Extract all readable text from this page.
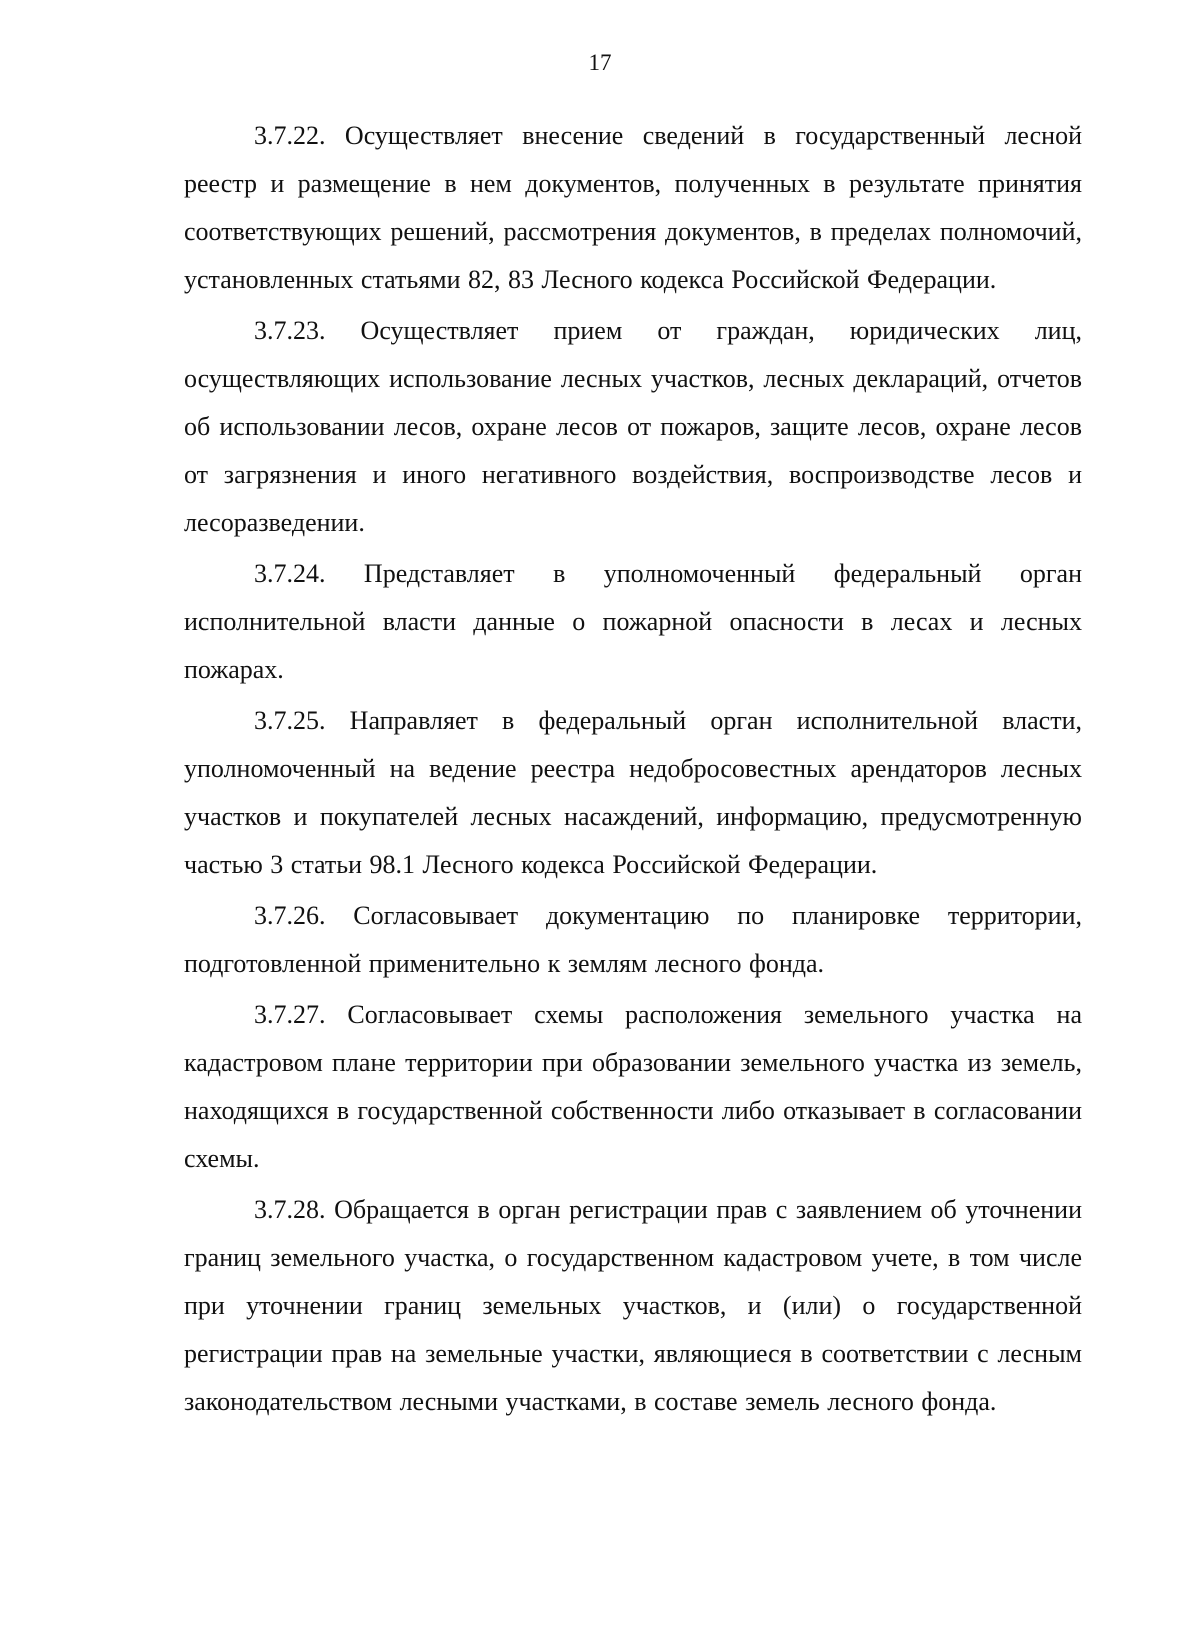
17

3.7.22. Осуществляет внесение сведений в государственный лесной реестр и размещение в нем документов, полученных в результате принятия соответствующих решений, рассмотрения документов, в пределах полномочий, установленных статьями 82, 83 Лесного кодекса Российской Федерации.

3.7.23. Осуществляет прием от граждан, юридических лиц, осуществляющих использование лесных участков, лесных деклараций, отчетов об использовании лесов, охране лесов от пожаров, защите лесов, охране лесов от загрязнения и иного негативного воздействия, воспроизводстве лесов и лесоразведении.

3.7.24. Представляет в уполномоченный федеральный орган исполнительной власти данные о пожарной опасности в лесах и лесных пожарах.

3.7.25. Направляет в федеральный орган исполнительной власти, уполномоченный на ведение реестра недобросовестных арендаторов лесных участков и покупателей лесных насаждений, информацию, предусмотренную частью 3 статьи 98.1 Лесного кодекса Российской Федерации.

3.7.26. Согласовывает документацию по планировке территории, подготовленной применительно к землям лесного фонда.

3.7.27. Согласовывает схемы расположения земельного участка на кадастровом плане территории при образовании земельного участка из земель, находящихся в государственной собственности либо отказывает в согласовании схемы.

3.7.28. Обращается в орган регистрации прав с заявлением об уточнении границ земельного участка, о государственном кадастровом учете, в том числе при уточнении границ земельных участков, и (или) о государственной регистрации прав на земельные участки, являющиеся в соответствии с лесным законодательством лесными участками, в составе земель лесного фонда.
